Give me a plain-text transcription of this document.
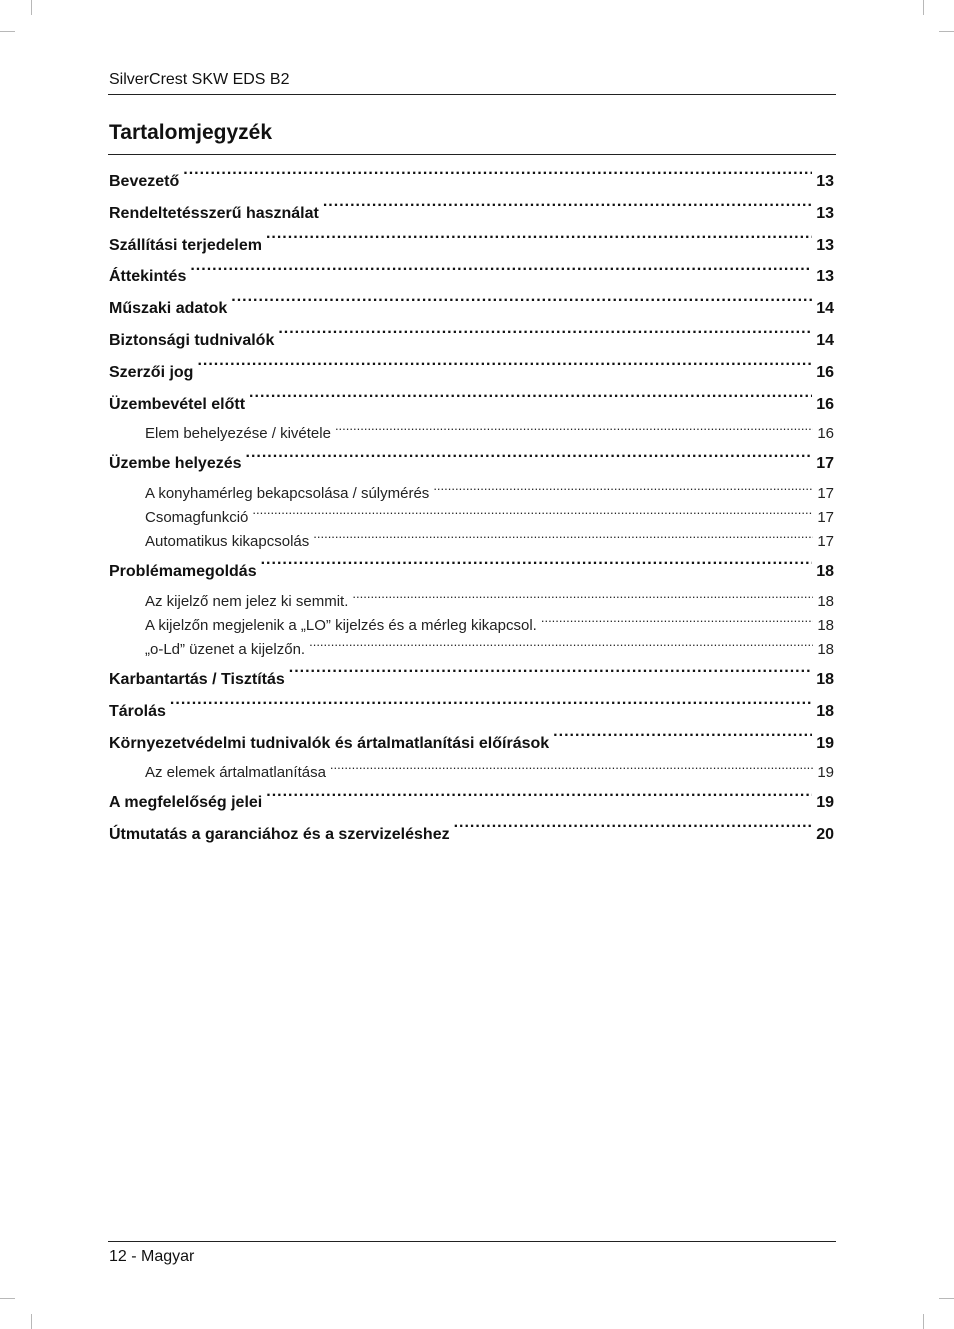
SilverCrest SKW EDS B2
Tartalomjegyzék
Bevezető .....	13
Rendeltetésszerű használat .....	13
Szállítási terjedelem .....	13
Áttekintés .....	13
Műszaki adatok .....	14
Biztonsági tudnivalók .....	14
Szerzői jog .....	16
Üzembevétel előtt .....	16
Elem behelyezése / kivétele .....	16
Üzembe helyezés .....	17
A konyhamérleg bekapcsolása / súlymérés .....	17
Csomagfunkció .....	17
Automatikus kikapcsolás .....	17
Problémamegoldás .....	18
Az kijelző nem jelez ki semmit. .....	18
A kijelzőn megjelenik a „LO” kijelzés és a mérleg kikapcsol. .....	18
„o-Ld” üzenet a kijelzőn. .....	18
Karbantartás / Tisztítás .....	18
Tárolás .....	18
Környezetvédelmi tudnivalók és ártalmatlanítási előírások .....	19
Az elemek ártalmatlanítása .....	19
A megfelelőség jelei .....	19
Útmutatás a garanciához és a szervizeléshez .....	20
12 - Magyar
